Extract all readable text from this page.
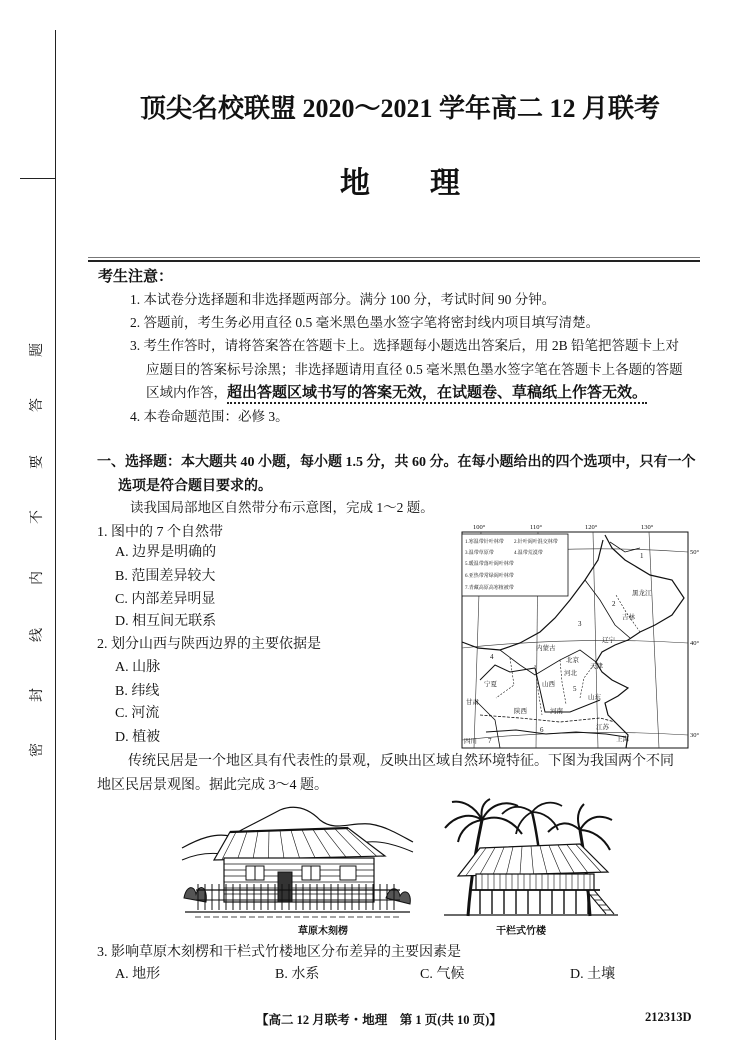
题
答
要
不
内
线
封
密
顶尖名校联盟 2020～2021 学年高二 12 月联考
地　　理
考生注意：
1. 本试卷分选择题和非选择题两部分。满分 100 分，考试时间 90 分钟。
2. 答题前，考生务必用直径 0.5 毫米黑色墨水签字笔将密封线内项目填写清楚。
3. 考生作答时，请将答案答在答题卡上。选择题每小题选出答案后，用 2B 铅笔把答题卡上对
应题目的答案标号涂黑；非选择题请用直径 0.5 毫米黑色墨水签字笔在答题卡上各题的答题
区域内作答，超出答题区域书写的答案无效，在试题卷、草稿纸上作答无效。
4. 本卷命题范围：必修 3。
一、选择题：本大题共 40 小题，每小题 1.5 分，共 60 分。在每小题给出的四个选项中，只有一个
选项是符合题目要求的。
读我国局部地区自然带分布示意图，完成 1～2 题。
1. 图中的 7 个自然带
A. 边界是明确的
B. 范围差异较大
C. 内部差异明显
D. 相互间无联系
2. 划分山西与陕西边界的主要依据是
A. 山脉
B. 纬线
C. 河流
D. 植被
1.寒温带针叶林带 2.针叶阔叶混交林带
3.温带草原带	4.温带荒漠带
5.暖温带落叶阔叶林带
6.亚热带常绿阔叶林带
7.青藏高原高寒植被带
100°	110°	120°	130°
50°
40°
30°
黑龙江
吉林
辽宁
内蒙古
北京
天津
河北
山西
宁夏
山东
甘肃
陕西	河南
江苏
上海
四川
1
2
3
4
5
6
7
传统民居是一个地区具有代表性的景观，反映出区域自然环境特征。下图为我国两个不同
地区民居景观图。据此完成 3～4 题。
草原木刻楞	干栏式竹楼
3. 影响草原木刻楞和干栏式竹楼地区分布差异的主要因素是
A. 地形	B. 水系	C. 气候	D. 土壤
【高二 12 月联考・地理　第 1 页(共 10 页)】	212313D
